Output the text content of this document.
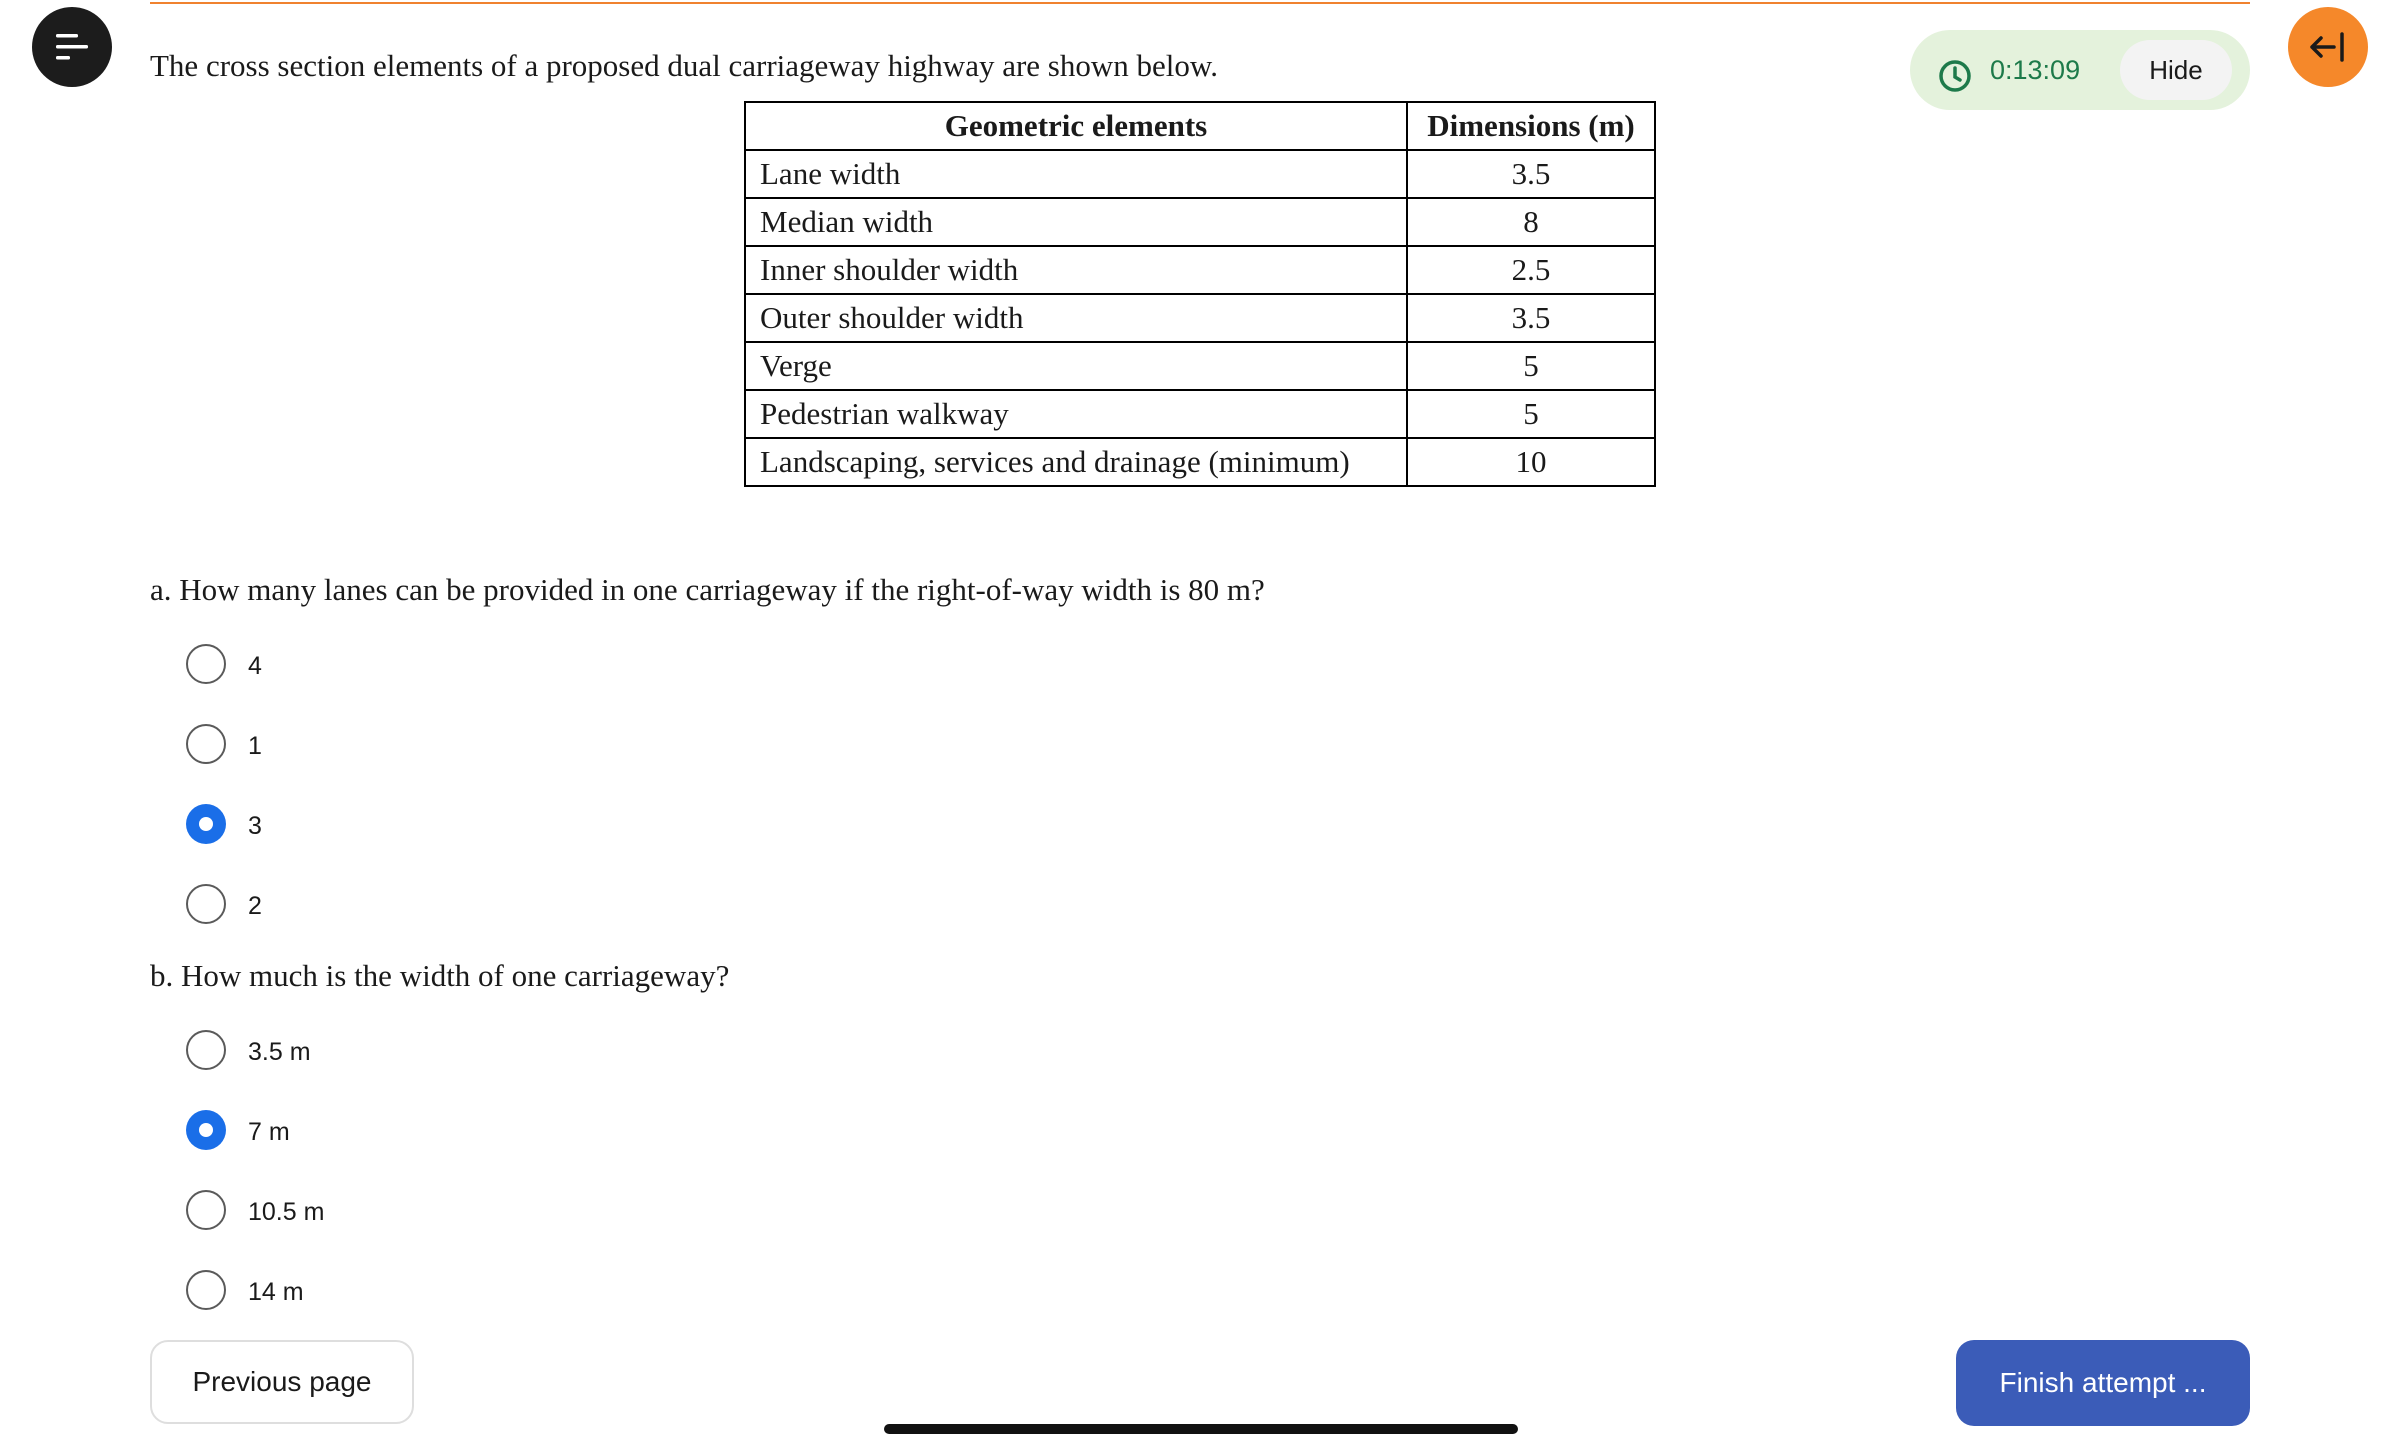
0:13:09	Hide
The cross section elements of a proposed dual carriageway highway are shown below.
Geometric elements	Dimensions (m)
Lane width	3.5
Median width	8
Inner shoulder width	2.5
Outer shoulder width	3.5
Verge	5
Pedestrian walkway	5
Landscaping, services and drainage (minimum)	10
a. How many lanes can be provided in one carriageway if the right-of-way width is 80 m?
4
1
3
2
b. How much is the width of one carriageway?
3.5 m
7 m
10.5 m
14 m
Previous page	Finish attempt ...
